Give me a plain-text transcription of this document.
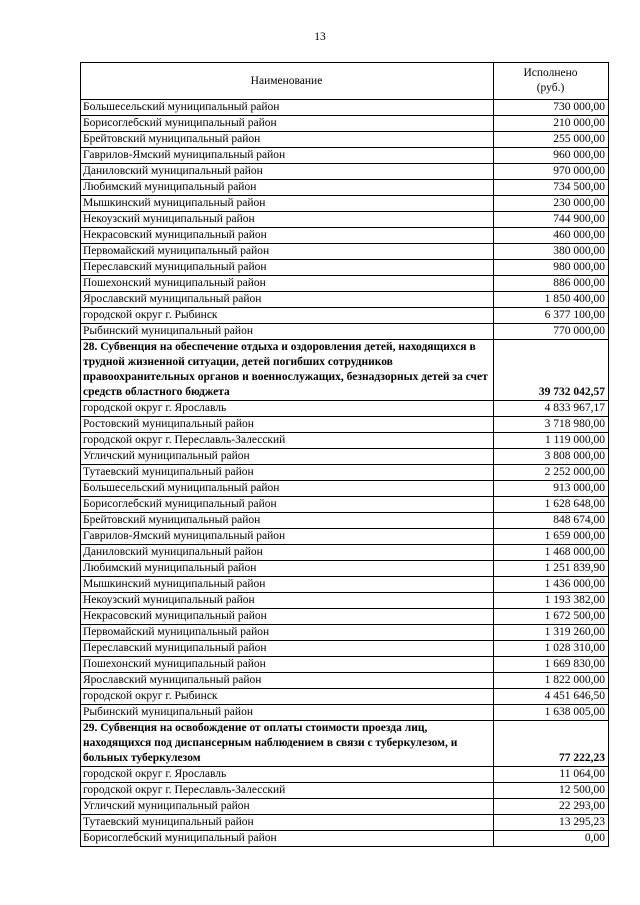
13
Наименование	Исполнено
(руб.)

Большесельский муниципальный район	730 000,00
Борисоглебский муниципальный район	210 000,00
Брейтовский муниципальный район	255 000,00
Гаврилов-Ямский муниципальный район	960 000,00
Даниловский муниципальный район	970 000,00
Любимский муниципальный район	734 500,00
Мышкинский муниципальный район	230 000,00
Некоузский муниципальный район	744 900,00
Некрасовский муниципальный район	460 000,00
Первомайский муниципальный район	380 000,00
Переславский муниципальный район	980 000,00
Пошехонский муниципальный район	886 000,00
Ярославский муниципальный район	1 850 400,00
городской округ г. Рыбинск	6 377 100,00
Рыбинский муниципальный район	770 000,00
28. Субвенция на обеспечение отдыха и оздоровления детей, находящихся в трудной жизненной ситуации, детей погибших сотрудников правоохранительных органов и военнослужащих, безнадзорных детей за счет средств областного бюджета	39 732 042,57
городской округ г. Ярославль	4 833 967,17
Ростовский муниципальный район	3 718 980,00
городской округ г. Переславль-Залесский	1 119 000,00
Угличский муниципальный район	3 808 000,00
Тутаевский муниципальный район	2 252 000,00
Большесельский муниципальный район	913 000,00
Борисоглебский муниципальный район	1 628 648,00
Брейтовский муниципальный район	848 674,00
Гаврилов-Ямский муниципальный район	1 659 000,00
Даниловский муниципальный район	1 468 000,00
Любимский муниципальный район	1 251 839,90
Мышкинский муниципальный район	1 436 000,00
Некоузский муниципальный район	1 193 382,00
Некрасовский муниципальный район	1 672 500,00
Первомайский муниципальный район	1 319 260,00
Переславский муниципальный район	1 028 310,00
Пошехонский муниципальный район	1 669 830,00
Ярославский муниципальный район	1 822 000,00
городской округ г. Рыбинск	4 451 646,50
Рыбинский муниципальный район	1 638 005,00
29. Субвенция на освобождение от оплаты стоимости проезда лиц, находящихся под диспансерным наблюдением в связи с туберкулезом, и больных туберкулезом	77 222,23
городской округ г. Ярославль	11 064,00
городской округ г. Переславль-Залесский	12 500,00
Угличский муниципальный район	22 293,00
Тутаевский муниципальный район	13 295,23
Борисоглебский муниципальный район	0,00
